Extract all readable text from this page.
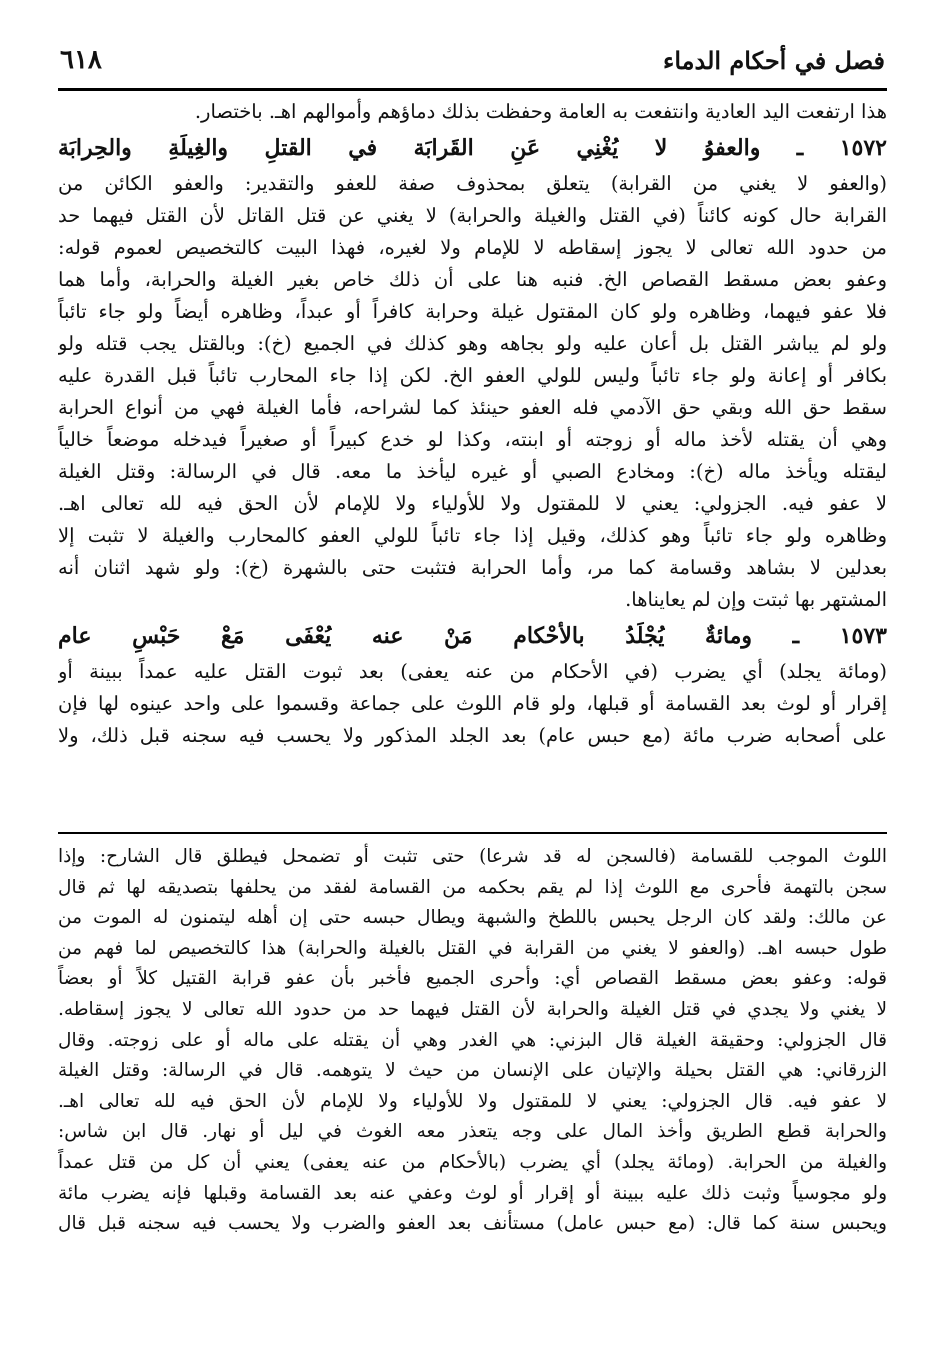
فصل في أحكام الدماء
٦١٨
هذا ارتفعت اليد العادية وانتفعت به العامة وحفظت بذلك دماؤهم وأموالهم اهـ. باختصار.
١٥٧٢ ـ والعفوُ لا يُغْنِي عَنِ القَرابَة في القتلِ والغِيلَةِ والحِرابَة
(والعفو لا يغني من القرابة) يتعلق بمحذوف صفة للعفو والتقدير: والعفو الكائن من
القرابة حال كونه كائناً (في القتل والغيلة والحرابة) لا يغني عن قتل القاتل لأن القتل فيهما حد
من حدود الله تعالى لا يجوز إسقاطه لا للإمام ولا لغيره، فهذا البيت كالتخصيص لعموم قوله:
وعفو بعض مسقط القصاص الخ. فنبه هنا على أن ذلك خاص بغير الغيلة والحرابة، وأما هما
فلا عفو فيهما، وظاهره ولو كان المقتول غيلة وحرابة كافراً أو عبداً، وظاهره أيضاً ولو جاء تائباً
ولو لم يباشر القتل بل أعان عليه ولو بجاهه وهو كذلك في الجميع (خ): وبالقتل يجب قتله ولو
بكافر أو إعانة ولو جاء تائباً وليس للولي العفو الخ. لكن إذا جاء المحارب تائباً قبل القدرة عليه
سقط حق الله وبقي حق الآدمي فله العفو حينئذ كما لشراحه، فأما الغيلة فهي من أنواع الحرابة
وهي أن يقتله لأخذ ماله أو زوجته أو ابنته، وكذا لو خدع كبيراً أو صغيراً فيدخله موضعاً خالياً
ليقتله ويأخذ ماله (خ): ومخادع الصبي أو غيره ليأخذ ما معه. قال في الرسالة: وقتل الغيلة
لا عفو فيه. الجزولي: يعني لا للمقتول ولا للأولياء ولا للإمام لأن الحق فيه لله تعالى اهـ.
وظاهره ولو جاء تائباً وهو كذلك، وقيل إذا جاء تائباً للولي العفو كالمحارب والغيلة لا تثبت إلا
بعدلين لا بشاهد وقسامة كما مر، وأما الحرابة فتثبت حتى بالشهرة (خ): ولو شهد اثنان أنه
المشتهر بها ثبتت وإن لم يعايناها.
١٥٧٣ ـ ومائةٌ يُجْلَدُ بالأحْكام مَنْ عنه يُعْفَى مَعْ حَبْسِ عام
(ومائة يجلد) أي يضرب (في الأحكام من عنه يعفى) بعد ثبوت القتل عليه عمداً ببينة أو
إقرار أو لوث بعد القسامة أو قبلها، ولو قام اللوث على جماعة وقسموا على واحد عينوه لها فإن
على أصحابه ضرب مائة (مع حبس عام) بعد الجلد المذكور ولا يحسب فيه سجنه قبل ذلك، ولا
اللوث الموجب للقسامة (فالسجن له قد شرعا) حتى تثبت أو تضمحل فيطلق قال الشارح: وإذا
سجن بالتهمة فأحرى مع اللوث إذا لم يقم بحكمه من القسامة لفقد من يحلفها بتصديقه لها ثم قال
عن مالك: ولقد كان الرجل يحبس باللطخ والشبهة ويطال حبسه حتى إن أهله ليتمنون له الموت من
طول حبسه اهـ. (والعفو لا يغني من القرابة في القتل بالغيلة والحرابة) هذا كالتخصيص لما فهم من
قوله: وعفو بعض مسقط القصاص أي: وأحرى الجميع فأخبر بأن عفو قرابة القتيل كلاً أو بعضاً
لا يغني ولا يجدي في قتل الغيلة والحرابة لأن القتل فيهما حد من حدود الله تعالى لا يجوز إسقاطه.
قال الجزولي: وحقيقة الغيلة قال البزني: هي الغدر وهي أن يقتله على ماله أو على زوجته. وقال
الزرقاني: هي القتل بحيلة والإتيان على الإنسان من حيث لا يتوهمه. قال في الرسالة: وقتل الغيلة
لا عفو فيه. قال الجزولي: يعني لا للمقتول ولا للأولياء ولا للإمام لأن الحق فيه لله تعالى اهـ.
والحرابة قطع الطريق وأخذ المال على وجه يتعذر معه الغوث في ليل أو نهار. قال ابن شاس:
والغيلة من الحرابة. (ومائة يجلد) أي يضرب (بالأحكام من عنه يعفى) يعني أن كل من قتل عمداً
ولو مجوسياً وثبت ذلك عليه ببينة أو إقرار أو لوث وعفي عنه بعد القسامة وقبلها فإنه يضرب مائة
ويحبس سنة كما قال: (مع حبس عامل) مستأنف بعد العفو والضرب ولا يحسب فيه سجنه قبل قال
